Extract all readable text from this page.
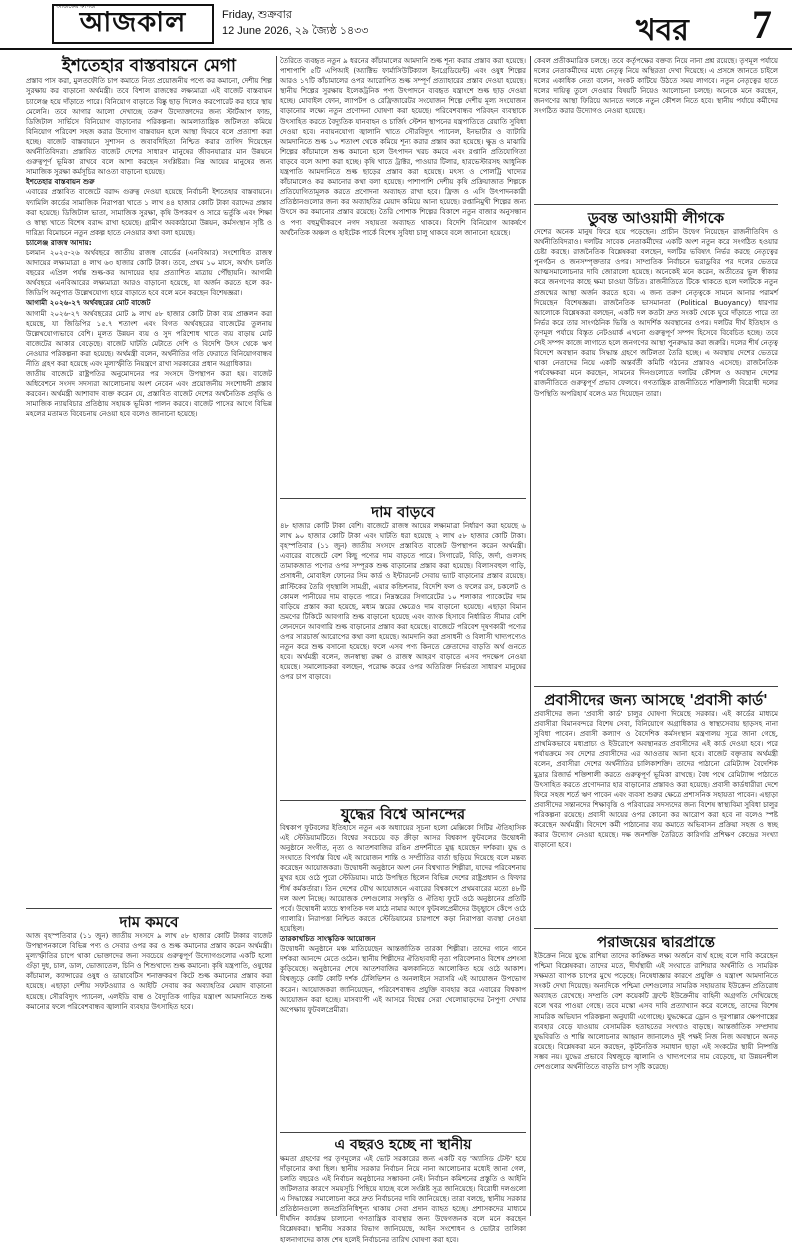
আজকের কাগজ
আজকাল	Friday, শুক্রবার
12 June 2026, ২৯ জ্যৈষ্ঠ ১৪৩৩	খবর 7
ইশতেহার বাস্তবায়নে মেগা

প্রস্তাব পাস করা, মুলতফৌতি চাপ কমাতে নিত্য প্রয়োজনীয় পণ্যে কর কমানো, দেশীয় শিল্প সুরক্ষায় কর বাড়ানো অর্থমন্ত্রী। তবে বিশাল রাজস্বের লক্ষ্যমাত্রা এই বাজেট বাস্তবায়ন চ্যালেঞ্জ হয়ে দাঁড়াতে পারে। বিনিয়োগ বাড়াতে বিষ্কু ছাড় দিলেও করপোরেট কর হারে স্থায় মেলেনি। তবে আগার আলো দেখাচ্ছে তরুণ উদ্যোক্তাদের জন্য স্টার্টআপ ফান্ড, ডিজিটাল সার্ভিসে বিনিয়োগ বাড়ানোর পরিকল্পনা। আমলাতান্ত্রিক জটিলতা কমিয়ে বিনিয়োগ পরিবেশ সহজ করার উদ্যোগ বাস্তবায়ন হলে আস্থা ফিরবে বলে প্রত্যাশা করা হচ্ছে। বাজেট বাস্তবায়নে সুশাসন ও জবাবদিহিতা নিশ্চিত করার তাগিদ দিয়েছেন অর্থনীতিবিদরা। প্রস্তাবিত বাজেট দেশের সাধারণ মানুষের জীবনযাত্রার মান উন্নয়নে গুরুত্বপূর্ণ ভূমিকা রাখবে বলে আশা করছেন সংশ্লিষ্টরা। নিম্ন আয়ের মানুষের জন্য সামাজিক সুরক্ষা কর্মসূচির আওতা বাড়ানো হয়েছে।

ইশতেহার বাস্তবায়ন শুরু

এবারের প্রস্তাবিত বাজেটে বরাদ্দ গুরুত্ব দেওয়া হয়েছে নির্বাচনী ইশতেহার বাস্তবায়নে। ফ্যামিলি কার্ডের সামাজিক নিরাপত্তা খাতে ১ লাখ ৪৪ হাজার কোটি টাকা বরাদ্দের প্রস্তাব করা হয়েছে। ডিজিটাল ভাতা, সামাজিক সুরক্ষা, কৃষি উপকরণ ও সারে ভর্তুকি এবং শিক্ষা ও স্বাস্থ্য খাতে বিশেষ বরাদ্দ রাখা হয়েছে। গ্রামীণ অবকাঠামো উন্নয়ন, কর্মসংস্থান সৃষ্টি ও দারিদ্র্য বিমোচনে নতুন প্রকল্প হাতে নেওয়ার কথা বলা হয়েছে।

চ্যালেঞ্জ রাজস্ব আদায়:

চলমান ২০২৫-২৬ অর্থবছরে জাতীয় রাজস্ব বোর্ডের (এনবিআর) সংশোধিত রাজস্ব আদায়ের লক্ষ্যমাত্রা ৪ লাখ ৬৩ হাজার কোটি টাকা। তবে, প্রথম ১০ মাসে, অর্থাৎ চলতি বছরের এপ্রিল পর্যন্ত শুল্ক-কর আদায়ের হার প্রত্যাশিত মাত্রায় পৌঁছায়নি। আগামী অর্থবছরে এনবিআরের লক্ষ্যমাত্রা আরও বাড়ানো হয়েছে, যা অর্জন করতে হলে কর-জিডিপি অনুপাত উল্লেখযোগ্য হারে বাড়াতে হবে বলে মনে করছেন বিশেষজ্ঞরা।

আগামী ২০২৬-২৭ অর্থবছরের মোট বাজেট

আগামী ২০২৬-২৭ অর্থবছরের মোট ৯ লাখ ৫৮ হাজার কোটি টাকা ব্যয় প্রাক্কলন করা হয়েছে, যা জিডিপির ১৫.৭ শতাংশ এবং বিগত অর্থবছরের বাজেটের তুলনায় উল্লেখযোগ্যভাবে বেশি। মূলত উন্নয়ন ব্যয় ও সুদ পরিশোধ খাতে ব্যয় বাড়ায় মোট বাজেটের আকার বেড়েছে। বাজেট ঘাটতি মেটাতে দেশি ও বিদেশি উৎস থেকে ঋণ নেওয়ার পরিকল্পনা করা হয়েছে। অর্থমন্ত্রী বলেন, অর্থনীতির গতি ফেরাতে বিনিয়োগবান্ধব নীতি গ্রহণ করা হয়েছে এবং মূল্যস্ফীতি নিয়ন্ত্রণে রাখা সরকারের প্রধান অগ্রাধিকার।

জাতীয় বাজেটে রাষ্ট্রপতির অনুমোদনের পর সংসদে উপস্থাপন করা হয়। বাজেট অধিবেশনে সংসদ সদস্যরা আলোচনায় অংশ নেবেন এবং প্রয়োজনীয় সংশোধনী প্রস্তাব করবেন। অর্থমন্ত্রী আশাবাদ ব্যক্ত করেন যে, প্রস্তাবিত বাজেট দেশের অর্থনৈতিক প্রবৃদ্ধি ও সামাজিক ন্যায়বিচার প্রতিষ্ঠায় সহায়ক ভূমিকা পালন করবে। বাজেট পাসের আগে বিভিন্ন মহলের মতামত বিবেচনায় নেওয়া হবে বলেও জানানো হয়েছে।

দাম কমবে

আজ বৃহস্পতিবার (১১ জুন) জাতীয় সংসদে ৯ লাখ ৫৮ হাজার কোটি টাকার বাজেট উপস্থাপনকালে বিভিন্ন পণ্য ও সেবার ওপর কর ও শুল্ক কমানোর প্রস্তাব করেন অর্থমন্ত্রী। মূল্যস্ফীতির চাপে থাকা ভোক্তাদের জন্য সবচেয়ে গুরুত্বপূর্ণ উদ্যোগগুলোর একটি হলো গুঁড়া দুধ, চাল, ডাল, ভোজ্যতেল, চিনি ও শিশুখাদ্যে শুল্ক কমানো। কৃষি যন্ত্রপাতি, ওষুধের কাঁচামাল, ক্যান্সারের ওষুধ ও ডায়াবেটিস শনাক্তকরণ কিটে শুল্ক কমানোর প্রস্তাব করা হয়েছে। এছাড়া দেশীয় সফটওয়্যার ও আইটি সেবায় কর অব্যাহতির মেয়াদ বাড়ানো হয়েছে। সৌরবিদ্যুৎ প্যানেল, এলইডি বাল্ব ও বৈদ্যুতিক গাড়ির যন্ত্রাংশ আমদানিতে শুল্ক কমানোর ফলে পরিবেশবান্ধব জ্বালানি ব্যবহার উৎসাহিত হবে।

তৈরিতে ব্যবহৃত নতুন ৯ ধরনের কাঁচামালের আমদানি শুল্ক শূন্য করার প্রস্তাব করা হয়েছে। পাশাপাশি ৫টি এপিআই (অ্যাক্টিভ ফার্মাসিউটিক্যাল ইনগ্রেডিয়েন্ট) এবং ওষুধ শিল্পের আরও ১৭টি কাঁচামালের ওপর আরোপিত শুল্ক সম্পূর্ণ প্রত্যাহারের প্রস্তাব দেওয়া হয়েছে। স্থানীয় শিল্পের সুরক্ষায় ইলেকট্রনিক পণ্য উৎপাদনে ব্যবহৃত যন্ত্রাংশে শুল্ক ছাড় দেওয়া হচ্ছে। মোবাইল ফোন, ল্যাপটপ ও রেফ্রিজারেটর সংযোজন শিল্পে দেশীয় মূল্য সংযোজন বাড়ানোর লক্ষ্যে নতুন প্রণোদনা ঘোষণা করা হয়েছে। পরিবেশবান্ধব পরিবহন ব্যবস্থাকে উৎসাহিত করতে বৈদ্যুতিক যানবাহন ও চার্জিং স্টেশন স্থাপনের যন্ত্রপাতিতে রেয়াতি সুবিধা দেওয়া হবে। নবায়নযোগ্য জ্বালানি খাতে সৌরবিদ্যুৎ প্যানেল, ইনভার্টার ও ব্যাটারি আমদানিতে শুল্ক ১০ শতাংশ থেকে কমিয়ে শূন্য করার প্রস্তাব করা হয়েছে। ক্ষুদ্র ও মাঝারি শিল্পের কাঁচামালে শুল্ক কমানো হলে উৎপাদন খরচ কমবে এবং রপ্তানি প্রতিযোগিতা বাড়বে বলে আশা করা হচ্ছে। কৃষি খাতে ট্রাক্টর, পাওয়ার টিলার, হারভেস্টারসহ আধুনিক যন্ত্রপাতি আমদানিতে শুল্ক ছাড়ের প্রস্তাব করা হয়েছে। মৎস্য ও পোলট্রি খাদ্যের কাঁচামালেও কর কমানোর কথা বলা হয়েছে। পাশাপাশি দেশীয় কৃষি প্রক্রিয়াজাত শিল্পকে প্রতিযোগিতামূলক করতে প্রণোদনা অব্যাহত রাখা হবে। ফ্রিজ ও এসি উৎপাদনকারী প্রতিষ্ঠানগুলোর জন্য কর অব্যাহতির মেয়াদ কমিয়ে আনা হয়েছে। রপ্তানিমুখী শিল্পের জন্য উৎসে কর কমানোর প্রস্তাব রয়েছে। তৈরি পোশাক শিল্পের বিকাশে নতুন বাজার অনুসন্ধান ও পণ্য বহুমুখীকরণে নগদ সহায়তা অব্যাহত থাকবে। বিদেশি বিনিয়োগ আকর্ষণে অর্থনৈতিক অঞ্চল ও হাইটেক পার্কে বিশেষ সুবিধা চালু থাকবে বলে জানানো হয়েছে।

দাম বাড়বে

৪৮ হাজার কোটি টাকা বেশি। বাজেটে রাজস্ব আয়ের লক্ষ্যমাত্রা নির্ধারণ করা হয়েছে ৬ লাখ ৯০ হাজার কোটি টাকা এবং ঘাটতি ধরা হয়েছে ২ লাখ ৫৮ হাজার কোটি টাকা। বৃহস্পতিবার (১১ জুন) জাতীয় সংসদে প্রস্তাবিত বাজেট উপস্থাপন করেন অর্থমন্ত্রী। এবারের বাজেটে বেশ কিছু পণ্যের দাম বাড়তে পারে। সিগারেট, বিড়ি, জর্দা, গুলসহ তামাকজাত পণ্যের ওপর সম্পূরক শুল্ক বাড়ানোর প্রস্তাব করা হয়েছে। বিলাসবহুল গাড়ি, প্রসাধনী, মোবাইল ফোনের সিম কার্ড ও ইন্টারনেট সেবায় ভ্যাট বাড়ানোর প্রস্তাব রয়েছে। প্লাস্টিকের তৈরি গৃহস্থালি সামগ্রী, এয়ার কন্ডিশনার, বিদেশি ফল ও ফলের রস, চকলেট ও কোমল পানীয়ের দাম বাড়তে পারে। নিম্নস্তরের সিগারেটের ১০ শলাকার প্যাকেটের দাম বাড়িয়ে প্রস্তাব করা হয়েছে, মধ্যম স্তরের ক্ষেত্রেও দাম বাড়ানো হয়েছে। এছাড়া বিমান ভ্রমণের টিকিটে আবগারি শুল্ক বাড়ানো হয়েছে এবং ব্যাংক হিসাবে নির্ধারিত সীমার বেশি লেনদেনে আবগারি শুল্ক বাড়ানোর প্রস্তাব করা হয়েছে। বাজেটে পরিবেশ দূষণকারী পণ্যের ওপর সারচার্জ আরোপের কথা বলা হয়েছে। আমদানি করা প্রসাধনী ও বিলাসী খাদ্যপণ্যেও নতুন করে শুল্ক বসানো হয়েছে। ফলে এসব পণ্য কিনতে ক্রেতাদের বাড়তি অর্থ গুনতে হবে। অর্থমন্ত্রী বলেন, জনস্বাস্থ্য রক্ষা ও রাজস্ব আহরণ বাড়াতে এসব পদক্ষেপ নেওয়া হয়েছে। সমালোচকরা বলছেন, পরোক্ষ করের ওপর অতিরিক্ত নির্ভরতা সাধারণ মানুষের ওপর চাপ বাড়াবে।

যুদ্ধের বিশ্বে আনন্দের

বিশ্বকাপ ফুটবলের ইতিহাসে নতুন এক অধ্যায়ের সূচনা হলো মেক্সিকো সিটির ঐতিহাসিক এই স্টেডিয়ামটিতে। বিশ্বের সবচেয়ে বড় ক্রীড়া আসর বিশ্বকাপ ফুটবলের উদ্বোধনী অনুষ্ঠানে সংগীত, নৃত্য ও আতশবাজির রঙিন প্রদর্শনীতে মুগ্ধ হয়েছেন দর্শকরা। যুদ্ধ ও সংঘাতে বিপর্যস্ত বিশ্বে এই আয়োজন শান্তি ও সম্প্রীতির বার্তা ছড়িয়ে দিয়েছে বলে মন্তব্য করেছেন আয়োজকরা। উদ্বোধনী অনুষ্ঠানে অংশ নেন বিশ্বখ্যাত শিল্পীরা, যাদের পরিবেশনায় মুখর হয়ে ওঠে পুরো স্টেডিয়াম। মাঠে উপস্থিত ছিলেন বিভিন্ন দেশের রাষ্ট্রপ্রধান ও ফিফার শীর্ষ কর্মকর্তারা। তিন দেশের যৌথ আয়োজনে এবারের বিশ্বকাপে প্রথমবারের মতো ৪৮টি দল অংশ নিচ্ছে। আয়োজক দেশগুলোর সংস্কৃতি ও ঐতিহ্য ফুটে ওঠে অনুষ্ঠানের প্রতিটি পর্বে। উদ্বোধনী ম্যাচে স্বাগতিক দল মাঠে নামার আগে ফুটবলপ্রেমীদের উচ্ছ্বাসে কেঁপে ওঠে গ্যালারি। নিরাপত্তা নিশ্চিত করতে স্টেডিয়ামের চারপাশে কড়া নিরাপত্তা ব্যবস্থা নেওয়া হয়েছিল।

তারকাখচিত সাংস্কৃতিক আয়োজন

উদ্বোধনী অনুষ্ঠানে মঞ্চ মাতিয়েছেন আন্তর্জাতিক তারকা শিল্পীরা। তাদের গানে গানে দর্শকরা আনন্দে মেতে ওঠেন। স্থানীয় শিল্পীদের ঐতিহ্যবাহী নৃত্য পরিবেশনাও বিশেষ প্রশংসা কুড়িয়েছে। অনুষ্ঠানের শেষে আতশবাজির ঝলকানিতে আলোকিত হয়ে ওঠে আকাশ। বিশ্বজুড়ে কোটি কোটি দর্শক টেলিভিশন ও অনলাইনে সরাসরি এই আয়োজন উপভোগ করেন। আয়োজকরা জানিয়েছেন, পরিবেশবান্ধব প্রযুক্তি ব্যবহার করে এবারের বিশ্বকাপ আয়োজন করা হচ্ছে। মাসব্যাপী এই আসরে বিশ্বের সেরা খেলোয়াড়দের নৈপুণ্য দেখার অপেক্ষায় ফুটবলপ্রেমীরা।

এ বছরও হচ্ছে না স্থানীয়

ক্ষমতা গ্রহণের পর তৃণমূলের এই ভোট সরকারের জন্য একটি বড় 'অ্যাসিড টেস্ট' হয়ে দাঁড়ানোর কথা ছিল। স্থানীয় সরকার নির্বাচন নিয়ে নানা আলোচনার মধ্যেই জানা গেল, চলতি বছরেও এই নির্বাচন অনুষ্ঠানের সম্ভাবনা নেই। নির্বাচন কমিশনের প্রস্তুতি ও আইনি জটিলতার কারণে সময়সূচি পিছিয়ে যাচ্ছে বলে সংশ্লিষ্ট সূত্র জানিয়েছে। বিরোধী দলগুলো এ সিদ্ধান্তের সমালোচনা করে দ্রুত নির্বাচনের দাবি জানিয়েছে। তারা বলছে, স্থানীয় সরকার প্রতিষ্ঠানগুলো জনপ্রতিনিধিশূন্য থাকায় সেবা প্রদান ব্যাহত হচ্ছে। প্রশাসকদের মাধ্যমে দীর্ঘদিন কার্যক্রম চালানো গণতান্ত্রিক ব্যবস্থার জন্য উদ্বেগজনক বলে মনে করছেন বিশ্লেষকরা। স্থানীয় সরকার বিভাগ জানিয়েছে, আইন সংশোধন ও ভোটার তালিকা হালনাগাদের কাজ শেষ হলেই নির্বাচনের তারিখ ঘোষণা করা হবে।

কেবল প্রতীকমাত্রিক চলছে। তবে কর্তৃপক্ষের বক্তব্য নিয়ে নানা প্রশ্ন রয়েছে। তৃণমূল পর্যায়ে দলের নেতাকর্মীদের মধ্যে নেতৃত্ব নিয়ে অস্থিরতা দেখা দিয়েছে। এ প্রসঙ্গে জানতে চাইলে দলের একাধিক নেতা বলেন, সংকট কাটিয়ে উঠতে সময় লাগবে। নতুন নেতৃত্বের হাতে দলের দায়িত্ব তুলে দেওয়ার বিষয়টি নিয়েও আলোচনা চলছে। অনেকে মনে করছেন, জনগণের আস্থা ফিরিয়ে আনতে দলকে নতুন কৌশল নিতে হবে। স্থানীয় পর্যায়ে কর্মীদের সংগঠিত করার উদ্যোগও নেওয়া হয়েছে।

ডুবন্ত আওয়ামী লীগকে

দেশের অনেক মানুষ ফিরে হয়ে পড়েছেন। প্রাচীন উদ্বেগ নিয়েছেন রাজনীতিবিদ ও অর্থনীতিবিদরাও। দলটির সাবেক নেতাকর্মীদের একটি অংশ নতুন করে সংগঠিত হওয়ার চেষ্টা করছে। রাজনৈতিক বিশ্লেষকরা বলছেন, দলটির ভবিষ্যৎ নির্ভর করছে নেতৃত্বের পুনর্গঠন ও জনসম্পৃক্ততার ওপর। সাম্প্রতিক নির্বাচনে ভরাডুবির পর দলের ভেতরে আত্মসমালোচনার দাবি জোরালো হয়েছে। অনেকেই মনে করেন, অতীতের ভুল স্বীকার করে জনগণের কাছে ক্ষমা চাওয়া উচিত। রাজনীতিতে টিকে থাকতে হলে দলটিকে নতুন প্রজন্মের আস্থা অর্জন করতে হবে। এ জন্য তরুণ নেতৃত্বকে সামনে আনার পরামর্শ দিয়েছেন বিশেষজ্ঞরা। রাজনৈতিক ভাসমানতা (Political Buoyancy) ধারণার আলোকে বিশ্লেষকরা বলছেন, একটি দল কতটা দ্রুত সংকট থেকে ঘুরে দাঁড়াতে পারে তা নির্ভর করে তার সাংগঠনিক ভিত্তি ও আদর্শিক অবস্থানের ওপর। দলটির দীর্ঘ ইতিহাস ও তৃণমূল পর্যায়ে বিস্তৃত নেটওয়ার্ক এখনো গুরুত্বপূর্ণ সম্পদ হিসেবে বিবেচিত হচ্ছে। তবে সেই সম্পদ কাজে লাগাতে হলে জনগণের আস্থা পুনরুদ্ধার করা জরুরি। দলের শীর্ষ নেতৃত্ব বিদেশে অবস্থান করায় সিদ্ধান্ত গ্রহণে জটিলতা তৈরি হচ্ছে। এ অবস্থায় দেশের ভেতরে থাকা নেতাদের নিয়ে একটি অন্তর্বর্তী কমিটি গঠনের প্রস্তাবও এসেছে। রাজনৈতিক পর্যবেক্ষকরা মনে করছেন, সামনের দিনগুলোতে দলটির কৌশল ও অবস্থান দেশের রাজনীতিতে গুরুত্বপূর্ণ প্রভাব ফেলবে। গণতান্ত্রিক রাজনীতিতে শক্তিশালী বিরোধী দলের উপস্থিতি অপরিহার্য বলেও মত দিয়েছেন তারা।

প্রবাসীদের জন্য আসছে 'প্রবাসী কার্ড'

প্রবাসীদের জন্য 'প্রবাসী কার্ড' চালুর ঘোষণা দিয়েছে সরকার। এই কার্ডের মাধ্যমে প্রবাসীরা বিমানবন্দরে বিশেষ সেবা, বিনিয়োগে অগ্রাধিকার ও স্বাস্থ্যসেবায় ছাড়সহ নানা সুবিধা পাবেন। প্রবাসী কল্যাণ ও বৈদেশিক কর্মসংস্থান মন্ত্রণালয় সূত্রে জানা গেছে, প্রাথমিকভাবে মধ্যপ্রাচ্য ও ইউরোপে অবস্থানরত প্রবাসীদের এই কার্ড দেওয়া হবে। পরে পর্যায়ক্রমে সব দেশের প্রবাসীদের এর আওতায় আনা হবে। বাজেট বক্তৃতায় অর্থমন্ত্রী বলেন, প্রবাসীরা দেশের অর্থনীতির চালিকাশক্তি। তাদের পাঠানো রেমিট্যান্স বৈদেশিক মুদ্রার রিজার্ভ শক্তিশালী করতে গুরুত্বপূর্ণ ভূমিকা রাখছে। বৈধ পথে রেমিট্যান্স পাঠাতে উৎসাহিত করতে প্রণোদনার হার বাড়ানোর প্রস্তাবও করা হয়েছে। প্রবাসী কার্ডধারীরা দেশে ফিরে সহজ শর্তে ঋণ পাবেন এবং ব্যবসা শুরুর ক্ষেত্রে প্রশাসনিক সহায়তা পাবেন। এছাড়া প্রবাসীদের সন্তানদের শিক্ষাবৃত্তি ও পরিবারের সদস্যদের জন্য বিশেষ স্বাস্থ্যবিমা সুবিধা চালুর পরিকল্পনা রয়েছে। প্রবাসী আয়ের ওপর কোনো কর আরোপ করা হবে না বলেও স্পষ্ট করেছেন অর্থমন্ত্রী। বিদেশে কর্মী পাঠানোর ব্যয় কমাতে অভিবাসন প্রক্রিয়া সহজ ও স্বচ্ছ করার উদ্যোগ নেওয়া হয়েছে। দক্ষ জনশক্তি তৈরিতে কারিগরি প্রশিক্ষণ কেন্দ্রের সংখ্যা বাড়ানো হবে।

পরাজয়ের দ্বারপ্রান্তে

ইউক্রেন নিয়ে যুদ্ধে রাশিয়া তাদের কাঙ্ক্ষিত লক্ষ্য অর্জনে ব্যর্থ হচ্ছে বলে দাবি করেছেন পশ্চিমা বিশ্লেষকরা। তাদের মতে, দীর্ঘস্থায়ী এই সংঘাতে রাশিয়ার অর্থনীতি ও সামরিক সক্ষমতা ব্যাপক চাপের মুখে পড়েছে। নিষেধাজ্ঞার কারণে প্রযুক্তি ও যন্ত্রাংশ আমদানিতে সংকট দেখা দিয়েছে। অন্যদিকে পশ্চিমা দেশগুলোর সামরিক সহায়তায় ইউক্রেন প্রতিরোধ অব্যাহত রেখেছে। সম্প্রতি বেশ কয়েকটি ফ্রন্টে ইউক্রেনীয় বাহিনী অগ্রগতি দেখিয়েছে বলে খবর পাওয়া গেছে। তবে মস্কো এসব দাবি প্রত্যাখ্যান করে বলেছে, তাদের বিশেষ সামরিক অভিযান পরিকল্পনা অনুযায়ী এগোচ্ছে। যুদ্ধক্ষেত্রে ড্রোন ও দূরপাল্লার ক্ষেপণাস্ত্রের ব্যবহার বেড়ে যাওয়ায় বেসামরিক হতাহতের সংখ্যাও বাড়ছে। আন্তর্জাতিক সম্প্রদায় যুদ্ধবিরতি ও শান্তি আলোচনার আহ্বান জানালেও দুই পক্ষই নিজ নিজ অবস্থানে অনড় রয়েছে। বিশ্লেষকরা মনে করছেন, কূটনৈতিক সমাধান ছাড়া এই সংকটের স্থায়ী নিষ্পত্তি সম্ভব নয়। যুদ্ধের প্রভাবে বিশ্বজুড়ে জ্বালানি ও খাদ্যপণ্যের দাম বেড়েছে, যা উন্নয়নশীল দেশগুলোর অর্থনীতিতে বাড়তি চাপ সৃষ্টি করেছে।
